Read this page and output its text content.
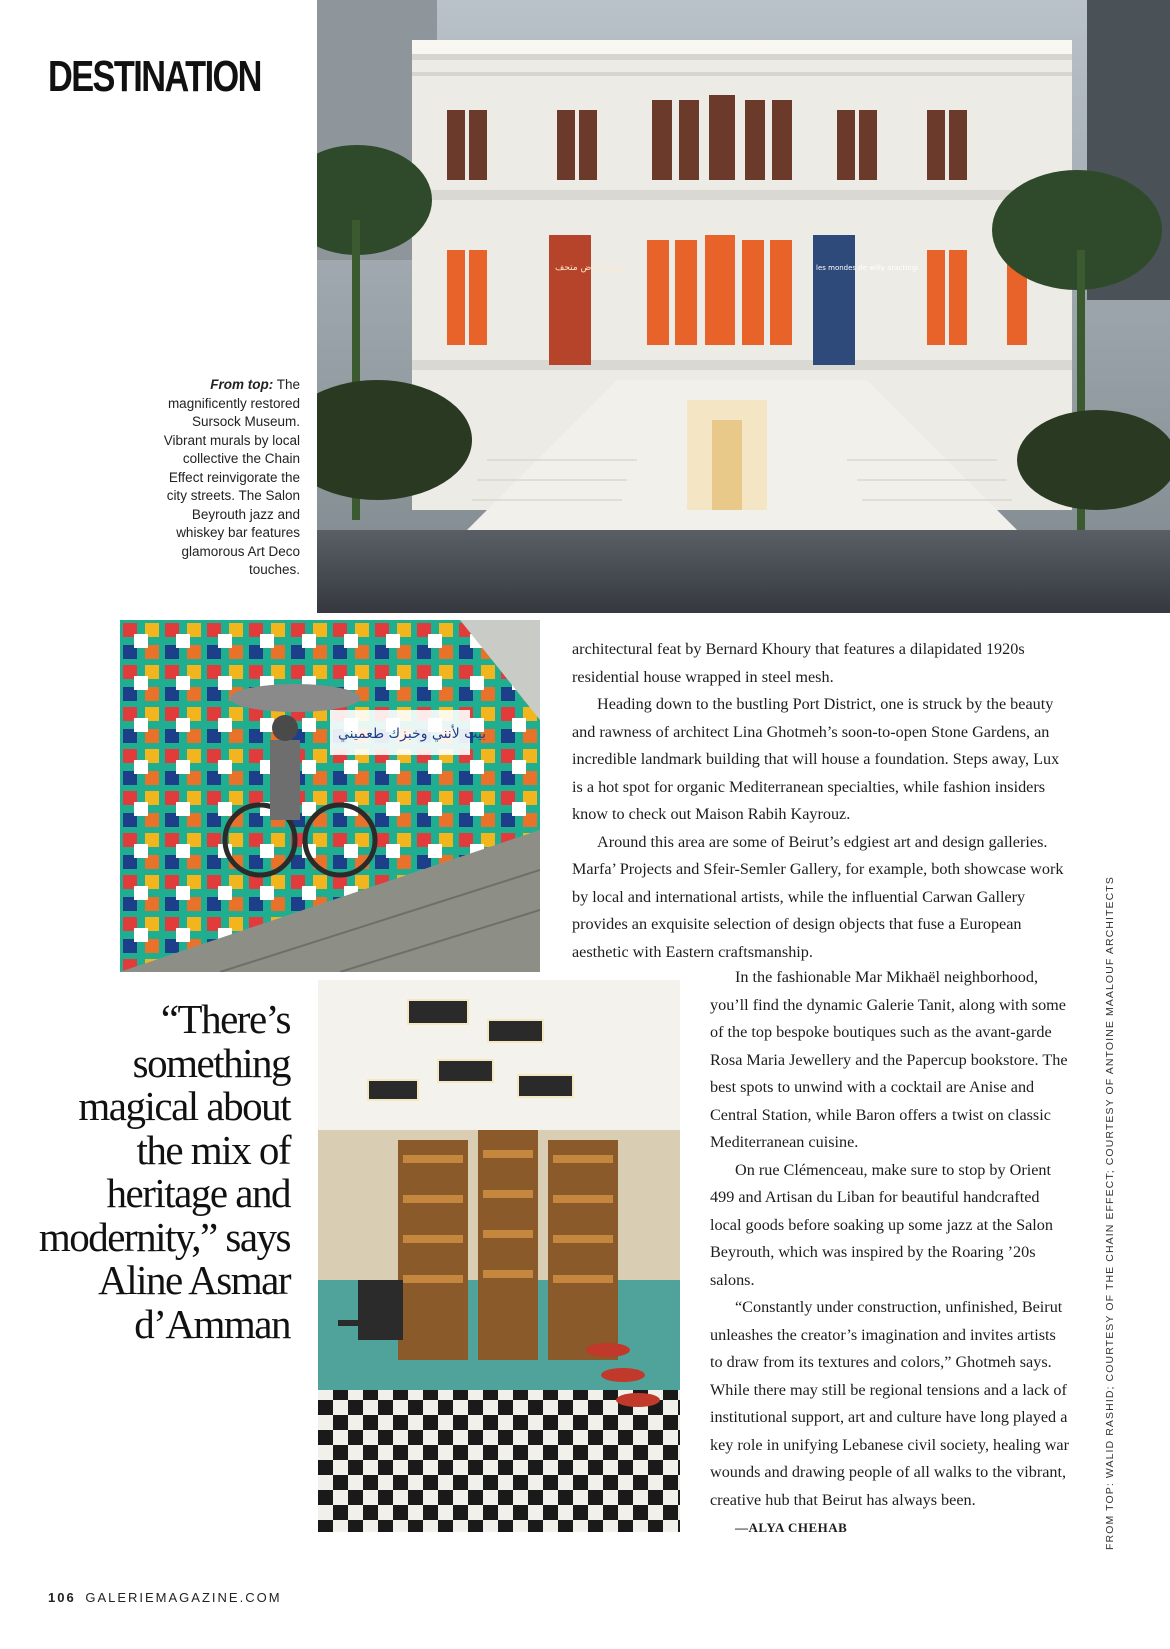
DESTINATION
زيارة عرض متحف	les mondes de willy aractingi
From top: The magnificently restored Sursock Museum. Vibrant murals by local collective the Chain Effect reinvigorate the city streets. The Salon Beyrouth jazz and whiskey bar features glamorous Art Deco touches.
بيت لأنني وخبزك طعميني
“There’s something magical about the mix of heritage and modernity,” says Aline Asmar d’Amman

architectural feat by Bernard Khoury that features a dilapidated 1920s residential house wrapped in steel mesh.

Heading down to the bustling Port District, one is struck by the beauty and rawness of architect Lina Ghotmeh’s soon-to-open Stone Gardens, an incredible landmark building that will house a foundation. Steps away, Lux is a hot spot for organic Mediterranean specialties, while fashion insiders know to check out Maison Rabih Kayrouz.

Around this area are some of Beirut’s edgiest art and design galleries. Marfa’ Projects and Sfeir-Semler Gallery, for example, both showcase work by local and international artists, while the influential Carwan Gallery provides an exquisite selection of design objects that fuse a European aesthetic with Eastern craftsmanship.

In the fashionable Mar Mikhaël neighborhood, you’ll find the dynamic Galerie Tanit, along with some of the top bespoke boutiques such as the avant-garde Rosa Maria Jewellery and the Papercup bookstore. The best spots to unwind with a cocktail are Anise and Central Station, while Baron offers a twist on classic Mediterranean cuisine.

On rue Clémenceau, make sure to stop by Orient 499 and Artisan du Liban for beautiful handcrafted local goods before soaking up some jazz at the Salon Beyrouth, which was inspired by the Roaring ’20s salons.

“Constantly under construction, unfinished, Beirut unleashes the creator’s imagination and invites artists to draw from its textures and colors,” Ghotmeh says. While there may still be regional tensions and a lack of institutional support, art and culture have long played a key role in unifying Lebanese civil society, healing war wounds and drawing people of all walks to the vibrant, creative hub that Beirut has always been.

—ALYA CHEHAB	FROM TOP: WALID RASHID; COURTESY OF THE CHAIN EFFECT; COURTESY OF ANTOINE MAALOUF ARCHITECTS
106 GALERIEMAGAZINE.COM
